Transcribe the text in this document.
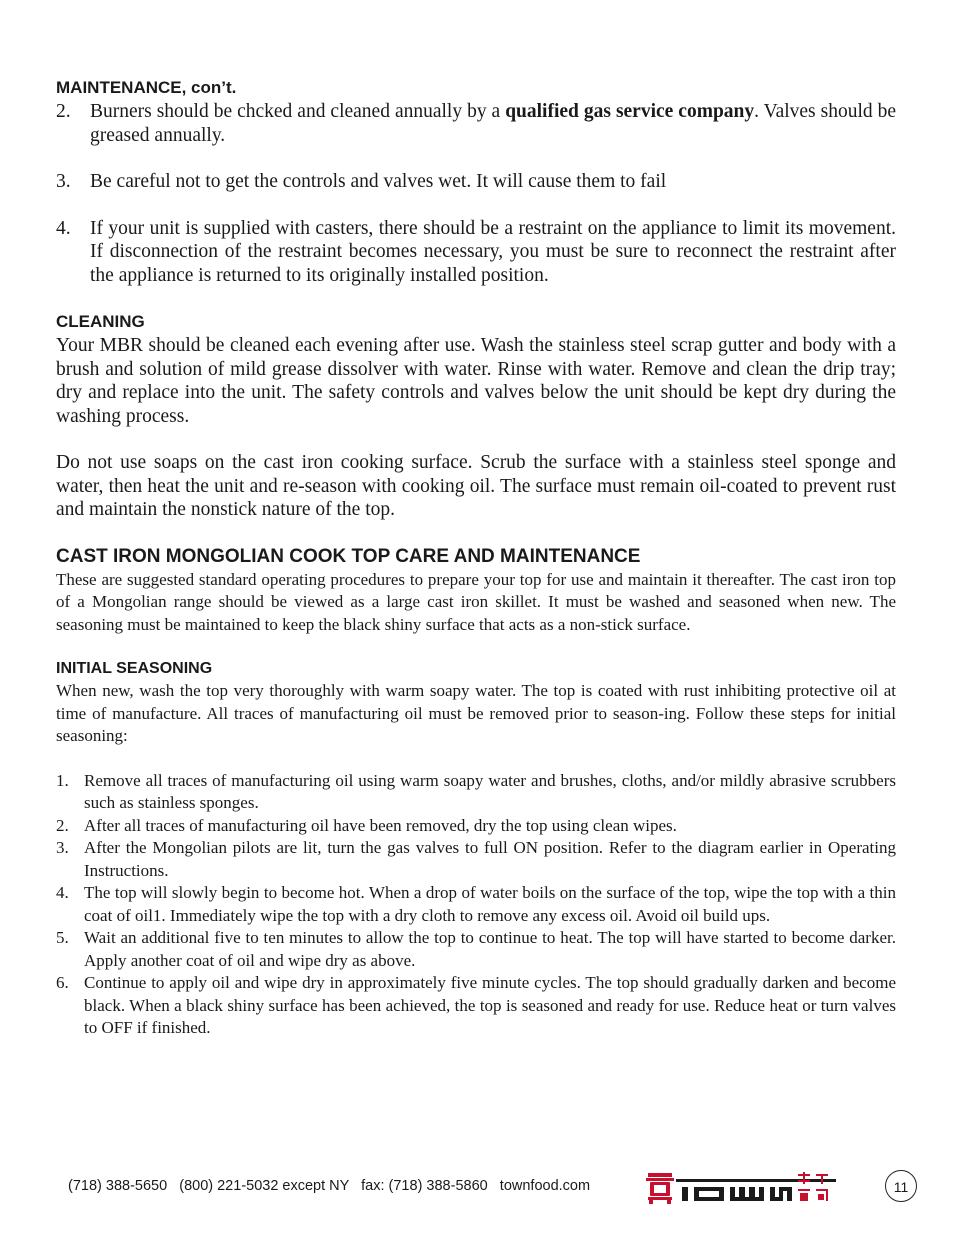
MAINTENANCE, con’t.
2. Burners should be chcked and cleaned annually by a qualified gas service company. Valves should be greased annually.
3. Be careful not to get the controls and valves wet. It will cause them to fail
4. If your unit is supplied with casters, there should be a restraint on the appliance to limit its movement. If disconnection of the restraint becomes necessary, you must be sure to reconnect the restraint after the appliance is returned to its originally installed position.
CLEANING

Your MBR should be cleaned each evening after use. Wash the stainless steel scrap gutter and body with a brush and solution of mild grease dissolver with water. Rinse with water. Remove and clean the drip tray; dry and replace into the unit. The safety controls and valves below the unit should be kept dry during the washing process.

Do not use soaps on the cast iron cooking surface. Scrub the surface with a stainless steel sponge and water, then heat the unit and re-season with cooking oil. The surface must remain oil-coated to prevent rust and maintain the nonstick nature of the top.

CAST IRON MONGOLIAN COOK TOP CARE AND MAINTENANCE

These are suggested standard operating procedures to prepare your top for use and maintain it thereafter. The cast iron top of a Mongolian range should be viewed as a large cast iron skillet. It must be washed and seasoned when new. The seasoning must be maintained to keep the black shiny surface that acts as a non-stick surface.

INITIAL SEASONING

When new, wash the top very thoroughly with warm soapy water. The top is coated with rust inhibiting protective oil at time of manufacture. All traces of manufacturing oil must be removed prior to season-ing. Follow these steps for initial seasoning:

1. Remove all traces of manufacturing oil using warm soapy water and brushes, cloths, and/or mildly abrasive scrubbers such as stainless sponges.
2. After all traces of manufacturing oil have been removed, dry the top using clean wipes.
3. After the Mongolian pilots are lit, turn the gas valves to full ON position. Refer to the diagram earlier in Operating Instructions.
4. The top will slowly begin to become hot. When a drop of water boils on the surface of the top, wipe the top with a thin coat of oil1. Immediately wipe the top with a dry cloth to remove any excess oil. Avoid oil build ups.
5. Wait an additional five to ten minutes to allow the top to continue to heat. The top will have started to become darker. Apply another coat of oil and wipe dry as above.
6. Continue to apply oil and wipe dry in approximately five minute cycles. The top should gradually darken and become black. When a black shiny surface has been achieved, the top is seasoned and ready for use. Reduce heat or turn valves to OFF if finished.
(718) 388-5650   (800) 221-5032 except NY   fax: (718) 388-5860   townfood.com	11
